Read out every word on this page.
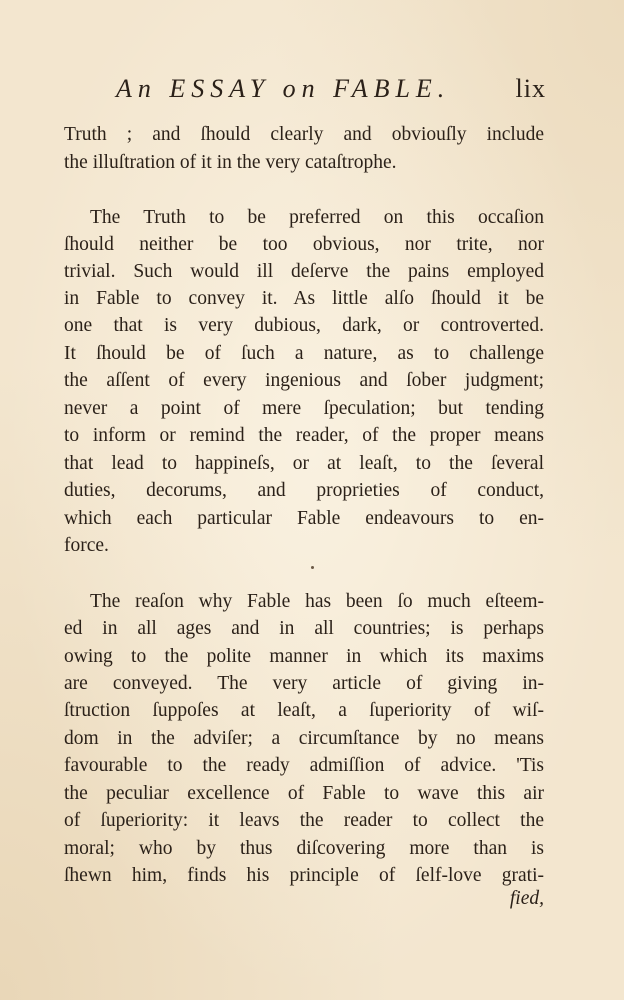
An ESSAY on FABLE.	lix
Truth ; and ſhould clearly and obviouſly include
the illuſtration of it in the very cataſtrophe.
The Truth to be preferred on this occaſion
ſhould neither be too obvious, nor trite, nor
trivial. Such would ill deſerve the pains employed
in Fable to convey it. As little alſo ſhould it be
one that is very dubious, dark, or controverted.
It ſhould be of ſuch a nature, as to challenge
the aſſent of every ingenious and ſober judgment;
never a point of mere ſpeculation; but tending
to inform or remind the reader, of the proper means
that lead to happineſs, or at leaſt, to the ſeveral
duties, decorums, and proprieties of conduct,
which each particular Fable endeavours to en-
force.
The reaſon why Fable has been ſo much eſteem-
ed in all ages and in all countries; is perhaps
owing to the polite manner in which its maxims
are conveyed. The very article of giving in-
ſtruction ſuppoſes at leaſt, a ſuperiority of wiſ-
dom in the adviſer; a circumſtance by no means
favourable to the ready admiſſion of advice. 'Tis
the peculiar excellence of Fable to wave this air
of ſuperiority: it leavs the reader to collect the
moral; who by thus diſcovering more than is
ſhewn him, finds his principle of ſelf-love grati-
fied,
